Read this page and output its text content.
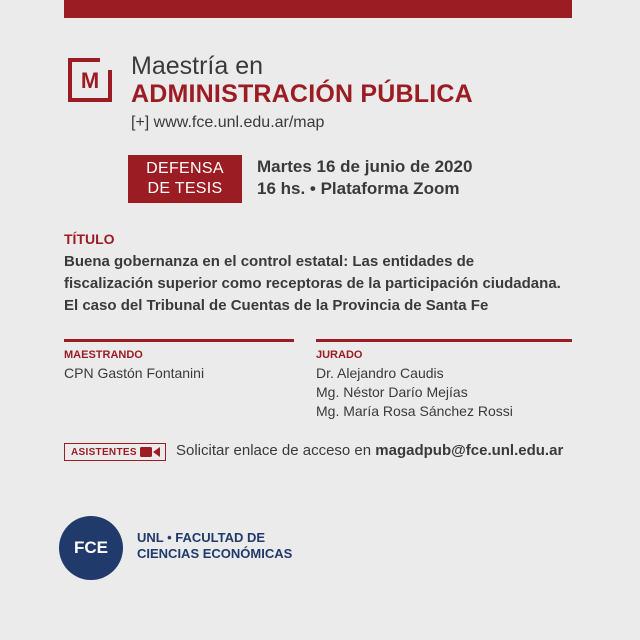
M
Maestría en
ADMINISTRACIÓN PÚBLICA
[+] www.fce.unl.edu.ar/map
DEFENSA
DE TESIS
Martes 16 de junio de 2020
16 hs. • Plataforma Zoom
TÍTULO
Buena gobernanza en el control estatal: Las entidades de
fiscalización superior como receptoras de la participación ciudadana.
El caso del Tribunal de Cuentas de la Provincia de Santa Fe
MAESTRANDO
CPN Gastón Fontanini
JURADO
Dr. Alejandro Caudis
Mg. Néstor Darío Mejías
Mg. María Rosa Sánchez Rossi
ASISTENTES	Solicitar enlace de acceso en magadpub@fce.unl.edu.ar
FCE
UNL • FACULTAD DE
CIENCIAS ECONÓMICAS
